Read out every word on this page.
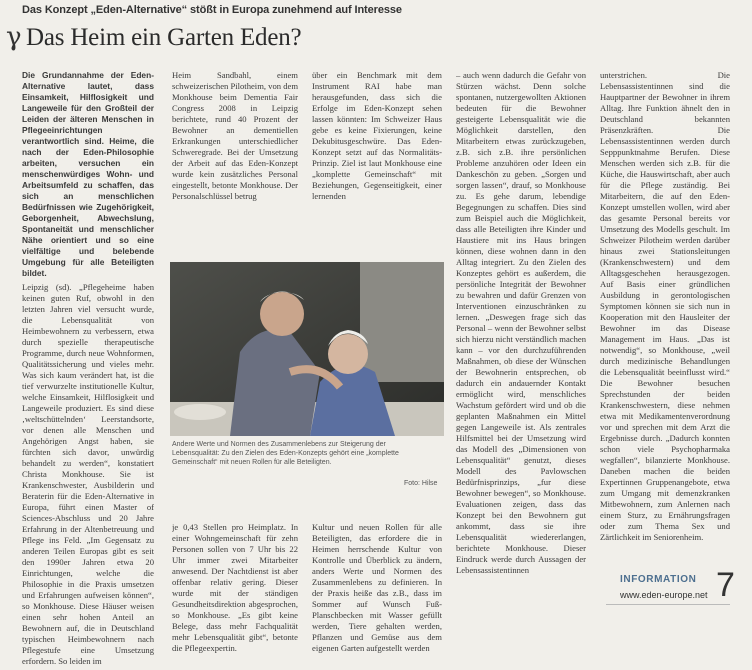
Das Konzept „Eden-Alternative“ stößt in Europa zunehmend auf Interesse
γ Das Heim ein Garten Eden?

Die Grundannahme der Eden-Alternative lautet, dass Einsamkeit, Hilflosigkeit und Langeweile für den Großteil der Leiden der älteren Menschen in Pflegeeinrichtungen verantwortlich sind. Heime, die nach der Eden-Philosophie arbeiten, versuchen ein menschenwürdiges Wohn- und Arbeitsumfeld zu schaffen, das sich an menschlichen Bedürfnissen wie Zugehörigkeit, Geborgenheit, Abwechslung, Spontaneität und menschlicher Nähe orientiert und so eine vielfältige und belebende Umgebung für alle Beteiligten bildet.

Leipzig (sd). „Pflegeheime haben keinen guten Ruf, obwohl in den letzten Jahren viel versucht wurde, die Lebensqualität von Heimbewohnern zu verbessern, etwa durch spezielle therapeutische Programme, durch neue Wohnformen, Qualitätssicherung und vieles mehr. Was sich kaum verändert hat, ist die tief verwurzelte institutionelle Kultur, welche Einsamkeit, Hilflosigkeit und Langeweile produziert. Es sind diese ‚weltschüttelnden‘ Leerstandsorte, vor denen alle Menschen und Angehörigen Angst haben, sie fürchten sich davor, unwürdig behandelt zu werden“, konstatiert Christa Monkhouse. Sie ist Krankenschwester, Ausbilderin und Beraterin für die Eden-Alternative in Europa, führt einen Master of Sciences-Abschluss und 20 Jahre Erfahrung in der Altenbetreuung und Pflege ins Feld. „Im Gegensatz zu anderen Teilen Europas gibt es seit den 1990er Jahren etwa 20 Einrichtungen, welche die Philosophie in die Praxis umsetzen und Erfahrungen aufweisen können“, so Monkhouse. Diese Häuser weisen einen sehr hohen Anteil an Bewohnern auf, die in Deutschland typischen Heimbewohnern nach Pflegestufe eine Umsetzung erfordern. So leiden im

Heim Sandbahl, einem schweizerischen Pilotheim, von dem Monkhouse beim Dementia Fair Congress 2008 in Leipzig berichtete, rund 40 Prozent der Bewohner an dementiellen Erkrankungen unterschiedlicher Schweregrade. Bei der Umsetzung der Arbeit auf das Eden-Konzept wurde kein zusätzliches Personal eingestellt, betonte Monkhouse. Der Personalschlüssel betrug

über ein Benchmark mit dem Instrument RAI habe man herausgefunden, dass sich die Erfolge im Eden-Konzept sehen lassen könnten: Im Schweizer Haus gebe es keine Fixierungen, keine Dekubitusgeschwüre. Das Eden-Konzept setzt auf das Normalitäts-Prinzip. Ziel ist laut Monkhouse eine „komplette Gemeinschaft“ mit Beziehungen, Gegenseitigkeit, einer lernenden

Andere Werte und Normen des Zusammenlebens zur Steigerung der Lebensqualität: Zu den Zielen des Eden-Konzepts gehört eine „komplette Gemeinschaft“ mit neuen Rollen für alle Beteiligten.
Foto: Hilse

je 0,43 Stellen pro Heimplatz. In einer Wohngemeinschaft für zehn Personen sollen von 7 Uhr bis 22 Uhr immer zwei Mitarbeiter anwesend. Der Nachtdienst ist aber offenbar relativ gering. Dieser wurde mit der ständigen Gesundheitsdirektion abgesprochen, so Monkhouse. „Es gibt keine Belege, dass mehr Fachqualität mehr Lebensqualität gibt“, betonte die Pflegeexpertin.

Kultur und neuen Rollen für alle Beteiligten, das erfordere die in Heimen herrschende Kultur von Kontrolle und Überblick zu ändern, anders Werte und Normen des Zusammenlebens zu definieren. In der Praxis heiße das z.B., dass im Sommer auf Wunsch Fuß-Planschbecken mit Wasser gefüllt werden, Tiere gehalten werden, Pflanzen und Gemüse aus dem eigenen Garten aufgestellt werden

– auch wenn dadurch die Gefahr von Stürzen wächst. Denn solche spontanen, nutzergewollten Aktionen bedeuten für die Bewohner gesteigerte Lebensqualität wie die Möglichkeit darstellen, den Mitarbeitern etwas zurückzugeben, z.B. sich z.B. ihre persönlichen Probleme anzuhören oder Ideen ein Dankeschön zu geben. „Sorgen und sorgen lassen“, drauf, so Monkhouse zu. Es gehe darum, lebendige Begegnungen zu schaffen. Dies sind zum Beispiel auch die Möglichkeit, dass alle Beteiligten ihre Kinder und Haustiere mit ins Haus bringen können, diese wohnen dann in den Alltag integriert. Zu den Zielen des Konzeptes gehört es außerdem, die persönliche Integrität der Bewohner zu bewahren und dafür Grenzen von Interventionen einzuschränken zu lernen. „Deswegen frage sich das Personal – wenn der Bewohner selbst sich hierzu nicht verständlich machen kann – vor den durchzuführenden Maßnahmen, ob diese der Wünschen der Bewohnerin entsprechen, ob dadurch ein andauernder Kontakt ermöglicht wird, menschliches Wachstum gefördert wird und ob die geplanten Maßnahmen ein Mittel gegen Langeweile ist. Als zentrales Hilfsmittel bei der Umsetzung wird das Modell des „Dimensionen von Lebensqualität“ genutzt, dieses Modell des Pavlowschen Bedürfnisprinzips, „fur diese Bewohner bewegen“, so Monkhouse. Evaluationen zeigen, dass das Konzept bei den Bewohnern gut ankommt, dass sie ihre Lebensqualität wiedererlangen, berichtete Monkhouse. Dieser Eindruck werde durch Aussagen der Lebensassistentinnen

unterstrichen. Die Lebensassistentinnen sind die Hauptpartner der Bewohner in ihrem Alltag. Ihre Funktion ähnelt den in Deutschland bekannten Präsenzkräften. Die Lebensassistentinnen werden durch Sepppunktnahme Berufen. Diese Menschen werden sich z.B. für die Küche, die Hauswirtschaft, aber auch für die Pflege zuständig. Bei Mitarbeitern, die auf den Eden-Konzept umstellen wollen, wird aber das gesamte Personal bereits vor Umsetzung des Modells geschult. Im Schweizer Pilotheim werden darüber hinaus zwei Stationsleitungen (Krankenschwestern) und dem Alltagsgeschehen herausgezogen. Auf Basis einer gründlichen Ausbildung in gerontologischen Symptomen können sie sich nun in Kooperation mit den Hausleiter der Bewohner im das Disease Management im Haus. „Das ist notwendig“, so Monkhouse, „weil durch medizinische Behandlungen die Lebensqualität beeinflusst wird.“ Die Bewohner besuchen Sprechstunden der beiden Krankenschwestern, diese nehmen etwa mit Medikamentenverordnung vor und sprechen mit dem Arzt die Ergebnisse durch. „Dadurch konnten schon viele Psychopharmaka wegfallen“, bilanzierte Monkhouse. Daneben machen die beiden Expertinnen Gruppenangebote, etwa zum Umgang mit demenzkranken Mitbewohnern, zum Anlernen nach einem Sturz, zu Ernährungsfragen oder zum Thema Sex und Zärtlichkeit im Seniorenheim.

INFORMATION
www.eden-europe.net 7
